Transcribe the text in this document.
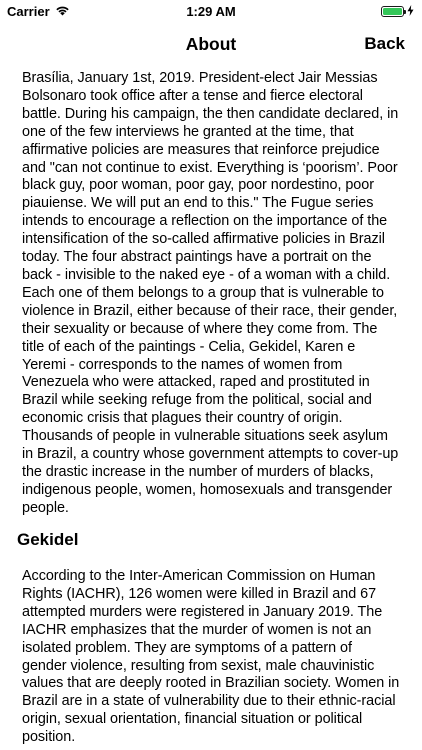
Carrier	1:29 AM
About	Back

Brasília, January 1st, 2019. President-elect Jair Messias Bolsonaro took office after a tense and fierce electoral battle. During his campaign, the then candidate declared, in one of the few interviews he granted at the time, that affirmative policies are measures that reinforce prejudice and "can not continue to exist. Everything is ‘poorism’. Poor black guy, poor woman, poor gay, poor nordestino, poor piauiense. We will put an end to this." The Fugue series intends to encourage a reflection on the importance of the intensification of the so-called affirmative policies in Brazil today. The four abstract paintings have a portrait on the back - invisible to the naked eye - of a woman with a child. Each one of them belongs to a group that is vulnerable to violence in Brazil, either because of their race, their gender, their sexuality or because of where they come from. The title of each of the paintings - Celia, Gekidel, Karen e Yeremi - corresponds to the names of women from Venezuela who were attacked, raped and prostituted in Brazil while seeking refuge from the political, social and economic crisis that plagues their country of origin. Thousands of people in vulnerable situations seek asylum in Brazil, a country whose government attempts to cover-up the drastic increase in the number of murders of blacks, indigenous people, women, homosexuals and transgender people.

Gekidel

According to the Inter-American Commission on Human Rights (IACHR), 126 women were killed in Brazil and 67 attempted murders were registered in January 2019. The IACHR emphasizes that the murder of women is not an isolated problem. They are symptoms of a pattern of gender violence, resulting from sexist, male chauvinistic values that are deeply rooted in Brazilian society. Women in Brazil are in a state of vulnerability due to their ethnic-racial origin, sexual orientation, financial situation or political position.
